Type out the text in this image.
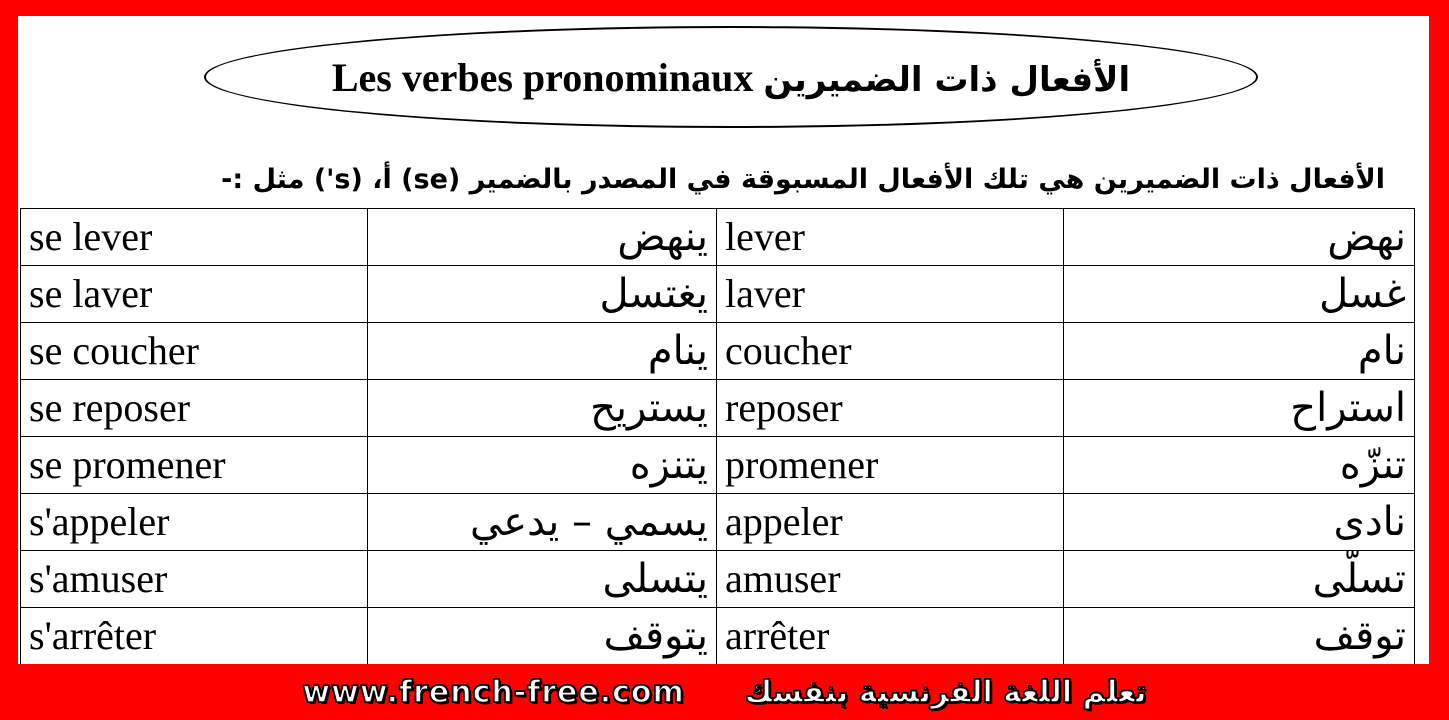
Les verbes pronominaux الأفعال ذات الضميرين
الأفعال ذات الضميرين هي تلك الأفعال المسبوقة في المصدر بالضمير (se) أ، (s') مثل :-
se lever	ينهض	lever	نهض
se laver	يغتسل	laver	غسل
se coucher	ينام	coucher	نام
se reposer	يستريح	reposer	استراح
se promener	يتنزه	promener	تنزّه
s'appeler	يسمي – يدعي	appeler	نادى
s'amuser	يتسلى	amuser	تسلّى
s'arrêter	يتوقف	arrêter	توقف
www.french-free.com تعلم اللغة الفرنسية بنفسك
